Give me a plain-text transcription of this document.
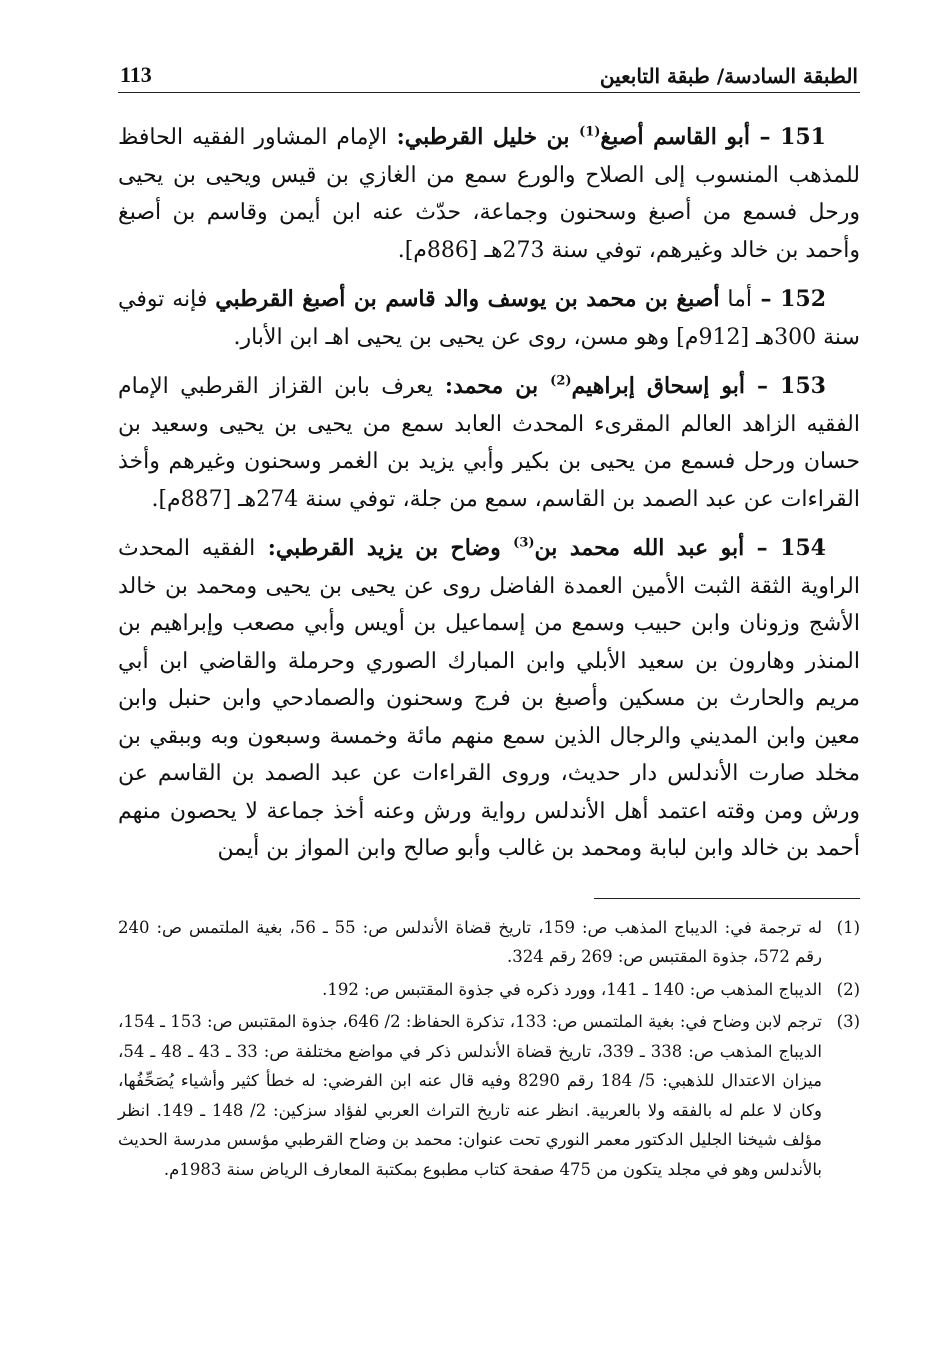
الطبقة السادسة/ طبقة التابعين
113

151 – أبو القاسم أصبغ$^{(1)}$ بن خليل القرطبي: الإمام المشاور الفقيه الحافظ للمذهب المنسوب إلى الصلاح والورع سمع من الغازي بن قيس ويحيى بن يحيى ورحل فسمع من أصبغ وسحنون وجماعة، حدّث عنه ابن أيمن وقاسم بن أصبغ وأحمد بن خالد وغيرهم، توفي سنة 273هـ [886م].

152 – أما أصبغ بن محمد بن يوسف والد قاسم بن أصبغ القرطبي فإنه توفي سنة 300هـ [912م] وهو مسن، روى عن يحيى بن يحيى اهـ ابن الأبار.

153 – أبو إسحاق إبراهيم$^{(2)}$ بن محمد: يعرف بابن القزاز القرطبي الإمام الفقيه الزاهد العالم المقرىء المحدث العابد سمع من يحيى بن يحيى وسعيد بن حسان ورحل فسمع من يحيى بن بكير وأبي يزيد بن الغمر وسحنون وغيرهم وأخذ القراءات عن عبد الصمد بن القاسم، سمع من جلة، توفي سنة 274هـ [887م].

154 – أبو عبد الله محمد بن$^{(3)}$ وضاح بن يزيد القرطبي: الفقيه المحدث الراوية الثقة الثبت الأمين العمدة الفاضل روى عن يحيى بن يحيى ومحمد بن خالد الأشج وزونان وابن حبيب وسمع من إسماعيل بن أويس وأبي مصعب وإبراهيم بن المنذر وهارون بن سعيد الأبلي وابن المبارك الصوري وحرملة والقاضي ابن أبي مريم والحارث بن مسكين وأصبغ بن فرج وسحنون والصمادحي وابن حنبل وابن معين وابن المديني والرجال الذين سمع منهم مائة وخمسة وسبعون وبه وببقي بن مخلد صارت الأندلس دار حديث، وروى القراءات عن عبد الصمد بن القاسم عن ورش ومن وقته اعتمد أهل الأندلس رواية ورش وعنه أخذ جماعة لا يحصون منهم أحمد بن خالد وابن لبابة ومحمد بن غالب وأبو صالح وابن المواز بن أيمن

(1)
له ترجمة في: الديباج المذهب ص: 159، تاريخ قضاة الأندلس ص: 55 ـ 56، بغية الملتمس ص: 240 رقم 572، جذوة المقتبس ص: 269 رقم 324.
(2)
الديباج المذهب ص: 140 ـ 141، وورد ذكره في جذوة المقتبس ص: 192.
(3)
ترجم لابن وضاح في: بغية الملتمس ص: 133، تذكرة الحفاظ: 2/ 646، جذوة المقتبس ص: 153 ـ 154، الديباج المذهب ص: 338 ـ 339، تاريخ قضاة الأندلس ذكر في مواضع مختلفة ص: 33 ـ 43 ـ 48 ـ 54، ميزان الاعتدال للذهبي: 5/ 184 رقم 8290 وفيه قال عنه ابن الفرضي: له خطأ كثير وأشياء يُصَحِّفُها، وكان لا علم له بالفقه ولا بالعربية. انظر عنه تاريخ التراث العربي لفؤاد سزكين: 2/ 148 ـ 149. انظر مؤلف شيخنا الجليل الدكتور معمر النوري تحت عنوان: محمد بن وضاح القرطبي مؤسس مدرسة الحديث بالأندلس وهو في مجلد يتكون من 475 صفحة كتاب مطبوع بمكتبة المعارف الرياض سنة 1983م.
